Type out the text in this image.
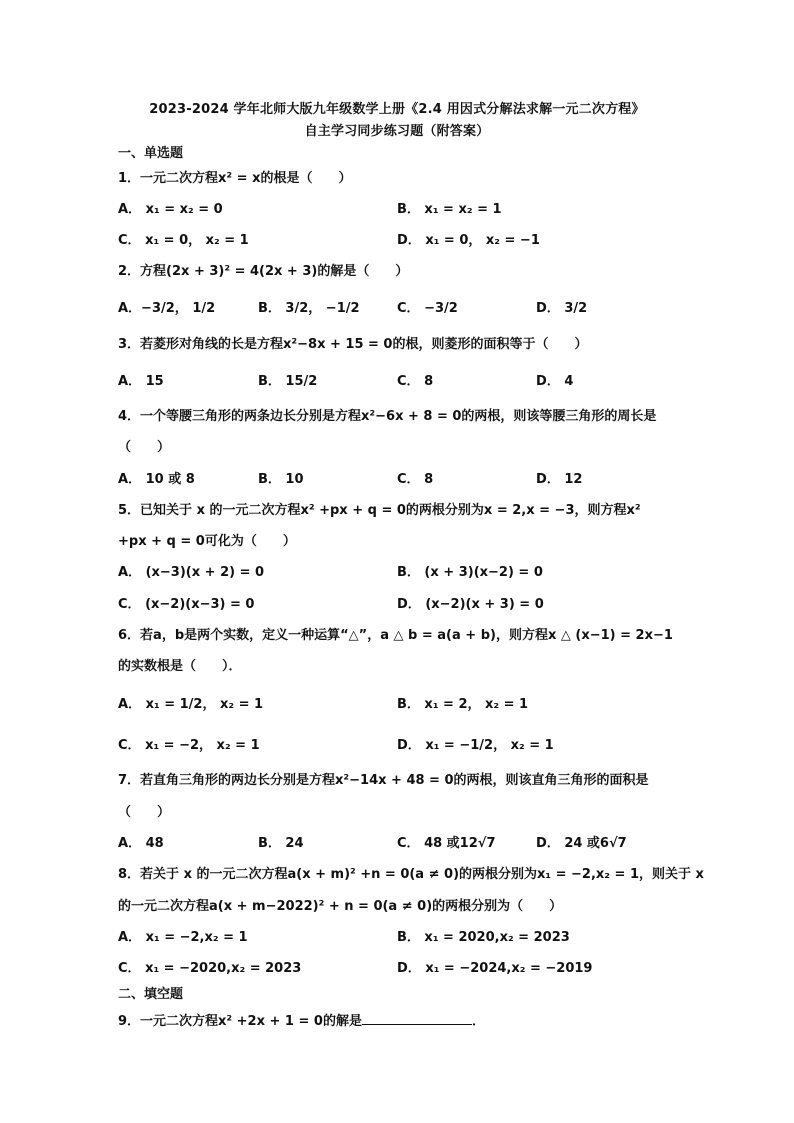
2023-2024 学年北师大版九年级数学上册《2.4 用因式分解法求解一元二次方程》
自主学习同步练习题（附答案）
一、单选题
1．一元二次方程x² = x的根是（　　）
A． x₁ = x₂ = 0	B． x₁ = x₂ = 1
C． x₁ = 0， x₂ = 1	D． x₁ = 0， x₂ = −1
2．方程(2x + 3)² = 4(2x + 3)的解是（　　）
A．−3/2， 1/2	B． 3/2， −1/2	C． −3/2	D． 3/2
3．若菱形对角线的长是方程x²−8x + 15 = 0的根，则菱形的面积等于（　　）
A． 15	B． 15/2	C． 8	D． 4
4．一个等腰三角形的两条边长分别是方程x²−6x + 8 = 0的两根，则该等腰三角形的周长是
（　　）
A． 10 或 8	B． 10	C． 8	D． 12
5．已知关于 x 的一元二次方程x² +px + q = 0的两根分别为x = 2,x = −3，则方程x²
+px + q = 0可化为（　　）
A． (x−3)(x + 2) = 0	B． (x + 3)(x−2) = 0
C． (x−2)(x−3) = 0	D． (x−2)(x + 3) = 0
6．若a，b是两个实数，定义一种运算“△”，a △ b = a(a + b)，则方程x △ (x−1) = 2x−1
的实数根是（　　）．
A． x₁ = 1/2， x₂ = 1	B． x₁ = 2， x₂ = 1
C． x₁ = −2， x₂ = 1	D． x₁ = −1/2， x₂ = 1
7．若直角三角形的两边长分别是方程x²−14x + 48 = 0的两根，则该直角三角形的面积是
（　　）
A． 48	B． 24	C． 48 或12√7	D． 24 或6√7
8．若关于 x 的一元二次方程a(x + m)² +n = 0(a ≠ 0)的两根分别为x₁ = −2,x₂ = 1，则关于 x
的一元二次方程a(x + m−2022)² + n = 0(a ≠ 0)的两根分别为（　　）
A． x₁ = −2,x₂ = 1	B． x₁ = 2020,x₂ = 2023
C． x₁ = −2020,x₂ = 2023	D． x₁ = −2024,x₂ = −2019
二、填空题
9．一元二次方程x² +2x + 1 = 0的解是	．
